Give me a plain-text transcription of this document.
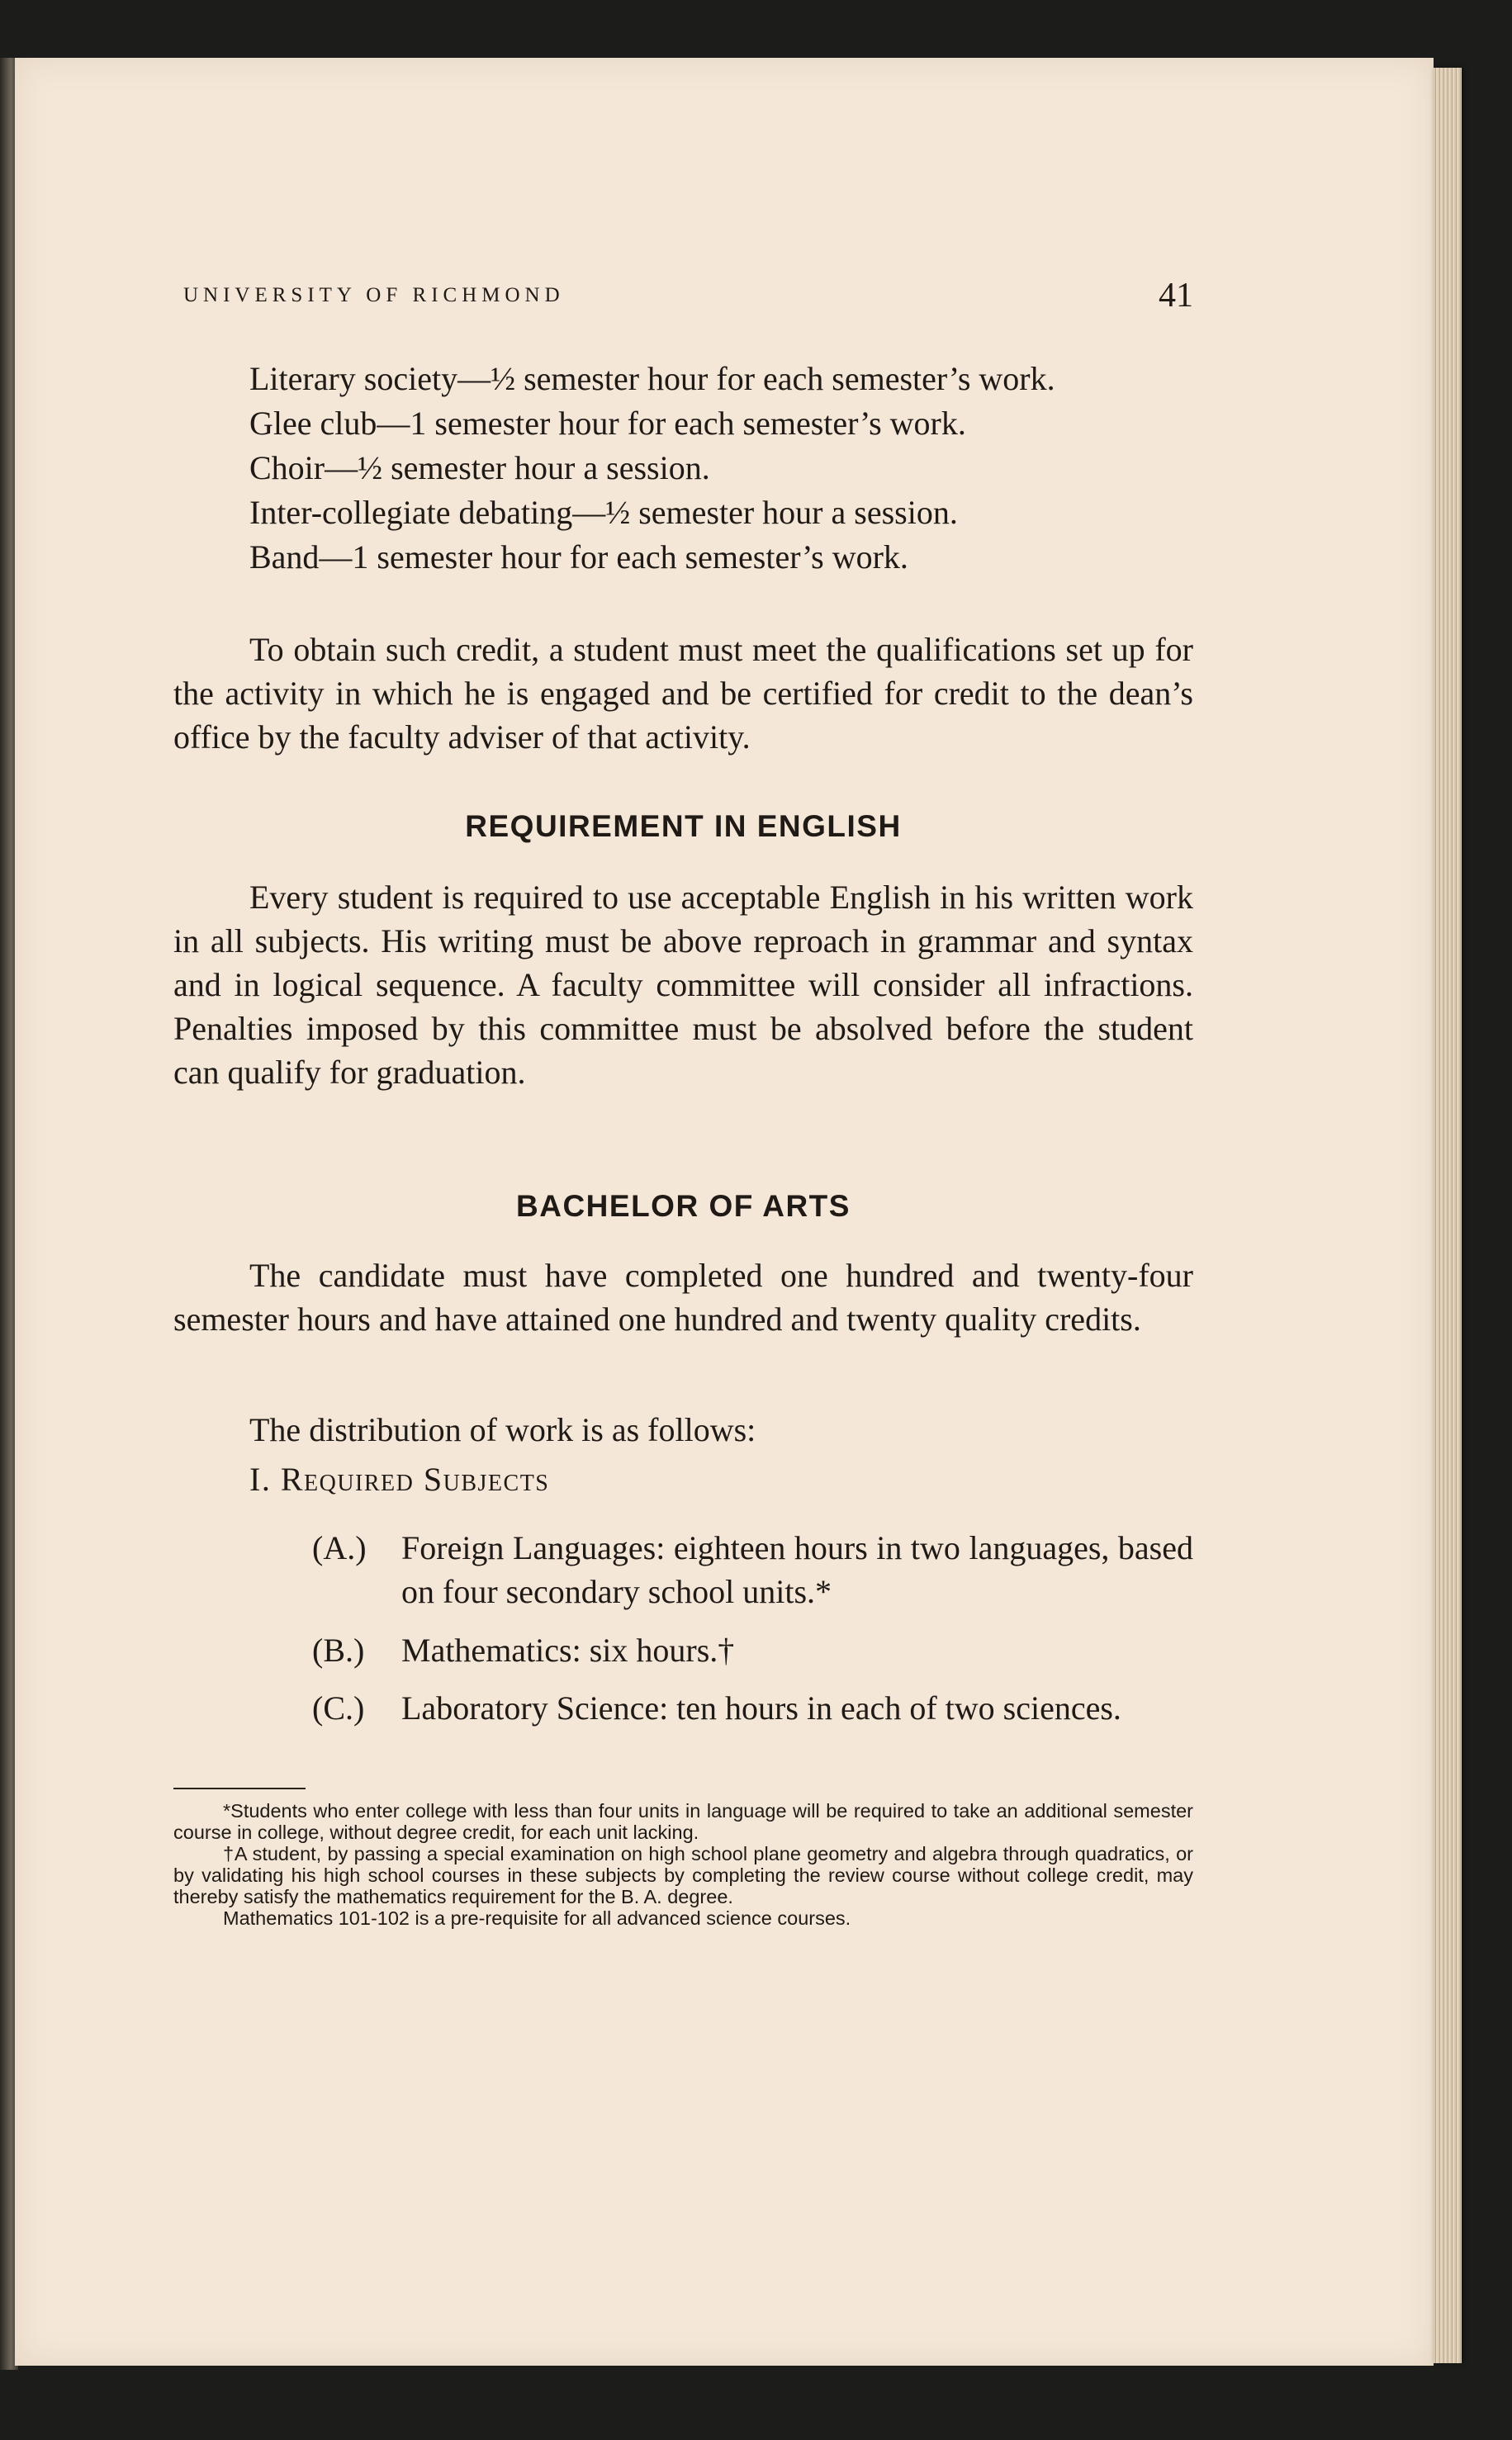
UNIVERSITY OF RICHMOND	41
Literary society—½ semester hour for each semester’s work.
Glee club—1 semester hour for each semester’s work.
Choir—½ semester hour a session.
Inter-collegiate debating—½ semester hour a session.
Band—1 semester hour for each semester’s work.
To obtain such credit, a student must meet the qualifications set up for the activity in which he is engaged and be certified for credit to the dean’s office by the faculty adviser of that activity.
REQUIREMENT IN ENGLISH
Every student is required to use acceptable English in his written work in all subjects. His writing must be above reproach in grammar and syntax and in logical sequence. A faculty committee will consider all infractions. Penalties imposed by this committee must be absolved before the student can qualify for graduation.
BACHELOR OF ARTS
The candidate must have completed one hundred and twenty-four semester hours and have attained one hundred and twenty quality credits.
The distribution of work is as follows:
I. Required Subjects
(A.) Foreign Languages: eighteen hours in two languages, based on four secondary school units.*
(B.) Mathematics: six hours.†
(C.) Laboratory Science: ten hours in each of two sciences.

*Students who enter college with less than four units in language will be required to take an additional semester course in college, without degree credit, for each unit lacking.

†A student, by passing a special examination on high school plane geometry and algebra through quadratics, or by validating his high school courses in these subjects by completing the review course without college credit, may thereby satisfy the mathematics requirement for the B. A. degree.

Mathematics 101-102 is a pre-requisite for all advanced science courses.
